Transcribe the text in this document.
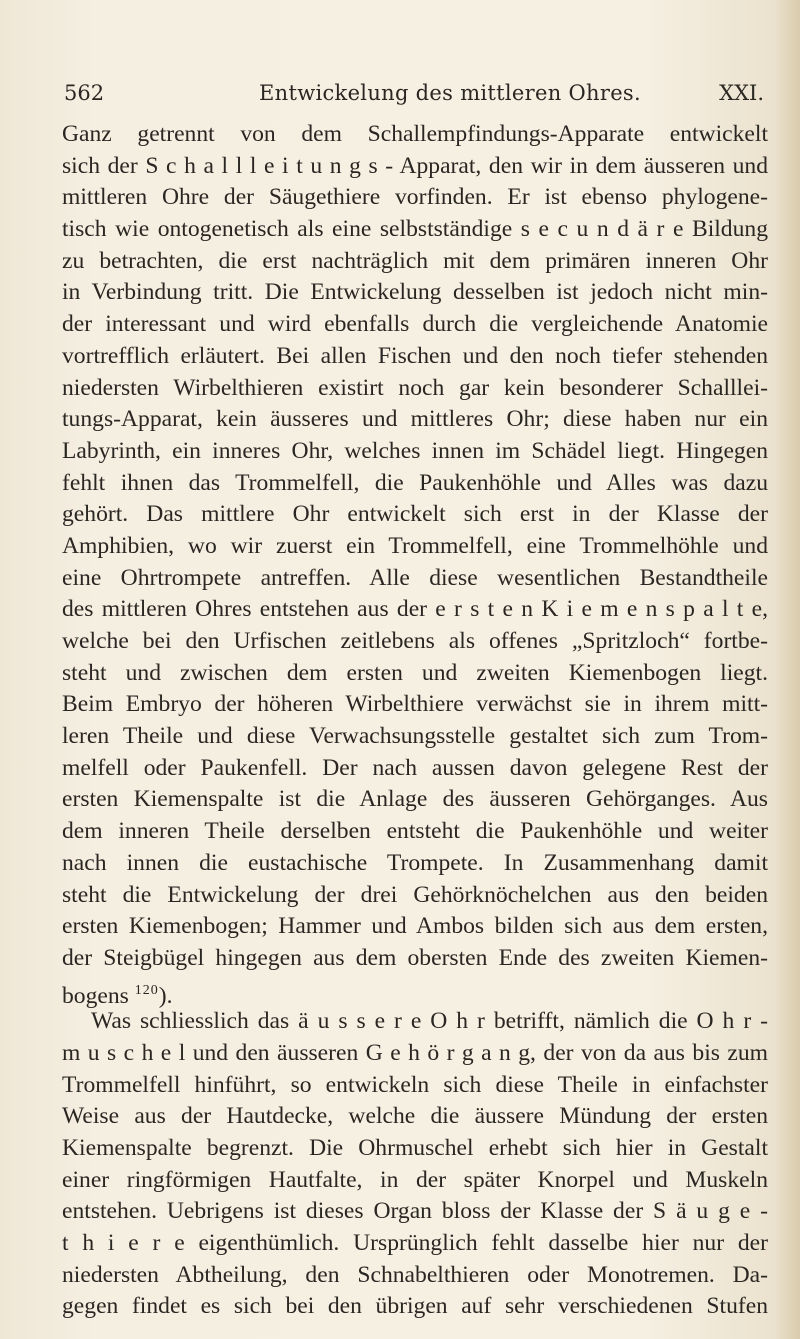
562	Entwickelung des mittleren Ohres.	XXI.
Ganz getrennt von dem Schallempfindungs-Apparate entwickelt
sich der S c h a l l l e i t u n g s - Apparat, den wir in dem äusseren und
mittleren Ohre der Säugethiere vorfinden. Er ist ebenso phylogene-
tisch wie ontogenetisch als eine selbstständige s e c u n d ä r e Bildung
zu betrachten, die erst nachträglich mit dem primären inneren Ohr
in Verbindung tritt. Die Entwickelung desselben ist jedoch nicht min-
der interessant und wird ebenfalls durch die vergleichende Anatomie
vortrefflich erläutert. Bei allen Fischen und den noch tiefer stehenden
niedersten Wirbelthieren existirt noch gar kein besonderer Schalllei-
tungs-Apparat, kein äusseres und mittleres Ohr; diese haben nur ein
Labyrinth, ein inneres Ohr, welches innen im Schädel liegt. Hingegen
fehlt ihnen das Trommelfell, die Paukenhöhle und Alles was dazu
gehört. Das mittlere Ohr entwickelt sich erst in der Klasse der
Amphibien, wo wir zuerst ein Trommelfell, eine Trommelhöhle und
eine Ohrtrompete antreffen. Alle diese wesentlichen Bestandtheile
des mittleren Ohres entstehen aus der e r s t e n K i e m e n s p a l t e,
welche bei den Urfischen zeitlebens als offenes „Spritzloch“ fortbe-
steht und zwischen dem ersten und zweiten Kiemenbogen liegt.
Beim Embryo der höheren Wirbelthiere verwächst sie in ihrem mitt-
leren Theile und diese Verwachsungsstelle gestaltet sich zum Trom-
melfell oder Paukenfell. Der nach aussen davon gelegene Rest der
ersten Kiemenspalte ist die Anlage des äusseren Gehörganges. Aus
dem inneren Theile derselben entsteht die Paukenhöhle und weiter
nach innen die eustachische Trompete. In Zusammenhang damit
steht die Entwickelung der drei Gehörknöchelchen aus den beiden
ersten Kiemenbogen; Hammer und Ambos bilden sich aus dem ersten,
der Steigbügel hingegen aus dem obersten Ende des zweiten Kiemen-
bogens $^{120}$).
Was schliesslich das ä u s s e r e O h r betrifft, nämlich die O h r -
m u s c h e l und den äusseren G e h ö r g a n g, der von da aus bis zum
Trommelfell hinführt, so entwickeln sich diese Theile in einfachster
Weise aus der Hautdecke, welche die äussere Mündung der ersten
Kiemenspalte begrenzt. Die Ohrmuschel erhebt sich hier in Gestalt
einer ringförmigen Hautfalte, in der später Knorpel und Muskeln
entstehen. Uebrigens ist dieses Organ bloss der Klasse der S ä u g e -
t h i e r e eigenthümlich. Ursprünglich fehlt dasselbe hier nur der
niedersten Abtheilung, den Schnabelthieren oder Monotremen. Da-
gegen findet es sich bei den übrigen auf sehr verschiedenen Stufen
